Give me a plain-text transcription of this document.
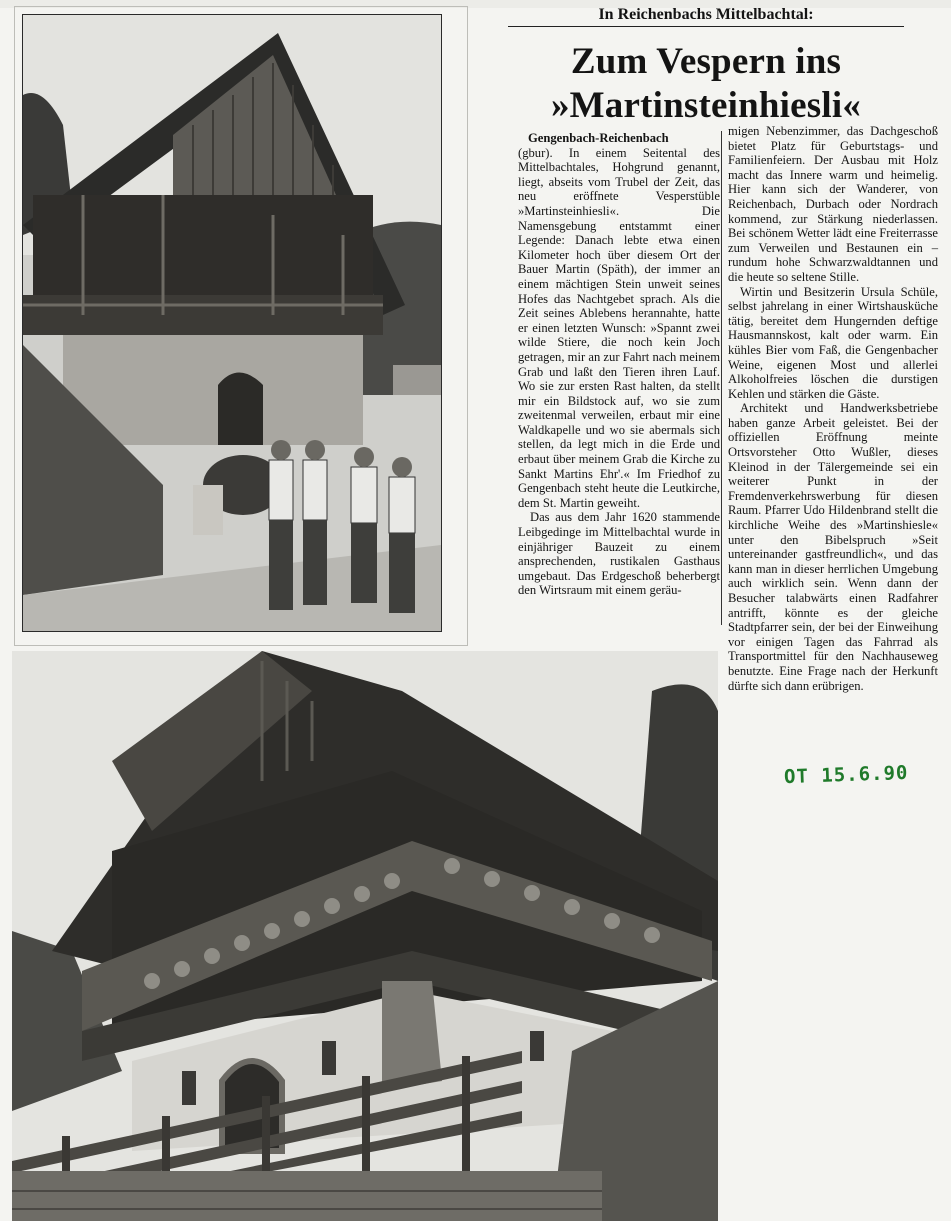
In Reichenbachs Mittelbachtal:
Zum Vespern ins
»Martinsteinhiesli«
Gengenbach-Reichenbach

(gbur). In einem Seitental des Mittelbachtales, Hohgrund genannt, liegt, abseits vom Trubel der Zeit, das neu eröffnete Vesperstüble »Martinsteinhiesli«. Die Namensgebung entstammt einer Legende: Danach lebte etwa einen Kilometer hoch über diesem Ort der Bauer Martin (Späth), der immer an einem mächtigen Stein unweit seines Hofes das Nachtgebet sprach. Als die Zeit seines Ablebens herannahte, hatte er einen letzten Wunsch: »Spannt zwei wilde Stiere, die noch kein Joch getragen, mir an zur Fahrt nach meinem Grab und laßt den Tieren ihren Lauf. Wo sie zur ersten Rast halten, da stellt mir ein Bildstock auf, wo sie zum zweitenmal verweilen, erbaut mir eine Waldkapelle und wo sie abermals sich stellen, da legt mich in die Erde und erbaut über meinem Grab die Kirche zu Sankt Martins Ehr'.« Im Friedhof zu Gengenbach steht heute die Leutkirche, dem St. Martin geweiht.

Das aus dem Jahr 1620 stammende Leibgedinge im Mittelbachtal wurde in einjähriger Bauzeit zu einem ansprechenden, rustikalen Gasthaus umgebaut. Das Erdgeschoß beherbergt den Wirtsraum mit einem geräu-

migen Nebenzimmer, das Dachgeschoß bietet Platz für Geburtstags- und Familienfeiern. Der Ausbau mit Holz macht das Innere warm und heimelig. Hier kann sich der Wanderer, von Reichenbach, Durbach oder Nordrach kommend, zur Stärkung niederlassen. Bei schönem Wetter lädt eine Freiterrasse zum Verweilen und Bestaunen ein – rundum hohe Schwarzwaldtannen und die heute so seltene Stille.

Wirtin und Besitzerin Ursula Schüle, selbst jahrelang in einer Wirtshausküche tätig, bereitet dem Hungernden deftige Hausmannskost, kalt oder warm. Ein kühles Bier vom Faß, die Gengenbacher Weine, eigenen Most und allerlei Alkoholfreies löschen die durstigen Kehlen und stärken die Gäste.

Architekt und Handwerksbetriebe haben ganze Arbeit geleistet. Bei der offiziellen Eröffnung meinte Ortsvorsteher Otto Wußler, dieses Kleinod in der Tälergemeinde sei ein weiterer Punkt in der Fremdenverkehrswerbung für diesen Raum. Pfarrer Udo Hildenbrand stellt die kirchliche Weihe des »Martinshiesle« unter den Bibelspruch »Seit untereinander gastfreundlich«, und das kann man in dieser herrlichen Umgebung auch wirklich sein. Wenn dann der Besucher talabwärts einen Radfahrer antrifft, könnte es der gleiche Stadtpfarrer sein, der bei der Einweihung vor einigen Tagen das Fahrrad als Transportmittel für den Nachhauseweg benutzte. Eine Frage nach der Herkunft dürfte sich dann erübrigen.

OT 15.6.90
